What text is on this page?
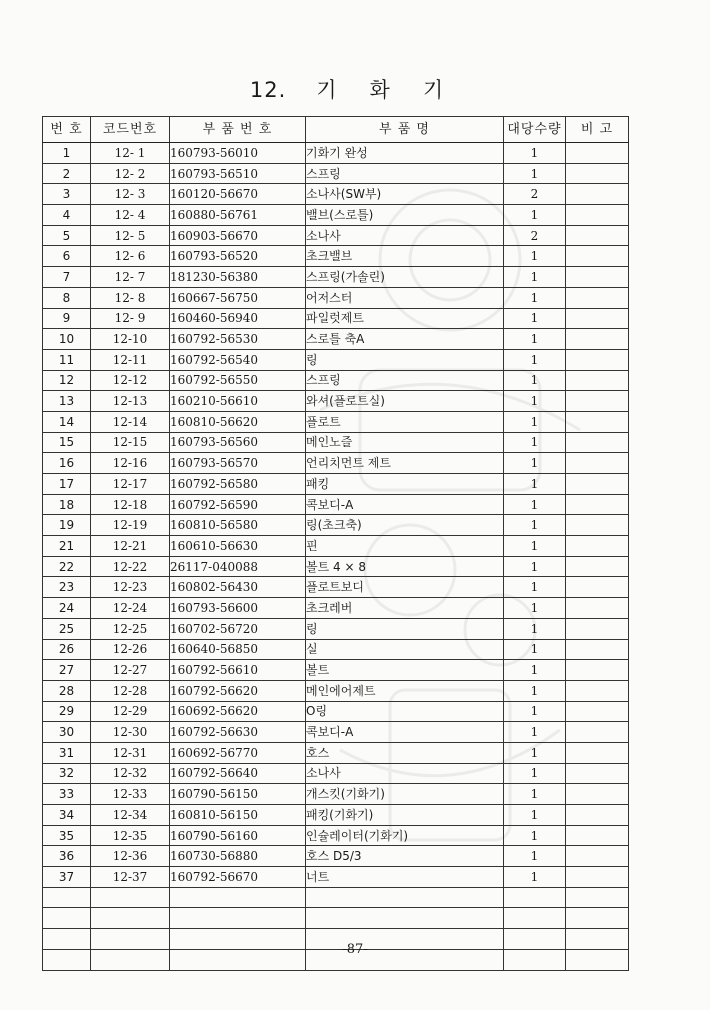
12. 기 화 기
번 호	코드번호	부 품 번 호	부 품 명	대당수량	비 고
1	12- 1	160793-56010	기화기 완성	1	
2	12- 2	160793-56510	스프링	1	
3	12- 3	160120-56670	소나사(SW부)	2	
4	12- 4	160880-56761	밸브(스로틀)	1	
5	12- 5	160903-56670	소나사	2	
6	12- 6	160793-56520	초크밸브	1	
7	12- 7	181230-56380	스프링(가솔린)	1	
8	12- 8	160667-56750	어저스터	1	
9	12- 9	160460-56940	파일럿제트	1	
10	12-10	160792-56530	스로틀 축A	1	
11	12-11	160792-56540	링	1	
12	12-12	160792-56550	스프링	1	
13	12-13	160210-56610	와셔(플로트실)	1	
14	12-14	160810-56620	플로트	1	
15	12-15	160793-56560	메인노즐	1	
16	12-16	160793-56570	언리치먼트 제트	1	
17	12-17	160792-56580	패킹	1	
18	12-18	160792-56590	콕보디-A	1	
19	12-19	160810-56580	링(초크축)	1	
21	12-21	160610-56630	핀	1	
22	12-22	26117-040088	볼트 4 × 8	1	
23	12-23	160802-56430	플로트보디	1	
24	12-24	160793-56600	초크레버	1	
25	12-25	160702-56720	링	1	
26	12-26	160640-56850	실	1	
27	12-27	160792-56610	볼트	1	
28	12-28	160792-56620	메인에어제트	1	
29	12-29	160692-56620	O링	1	
30	12-30	160792-56630	콕보디-A	1	
31	12-31	160692-56770	호스	1	
32	12-32	160792-56640	소나사	1	
33	12-33	160790-56150	개스킷(기화기)	1	
34	12-34	160810-56150	패킹(기화기)	1	
35	12-35	160790-56160	인슐레이터(기화기)	1	
36	12-36	160730-56880	호스 D5/3	1	
37	12-37	160792-56670	너트	1	

-87-
